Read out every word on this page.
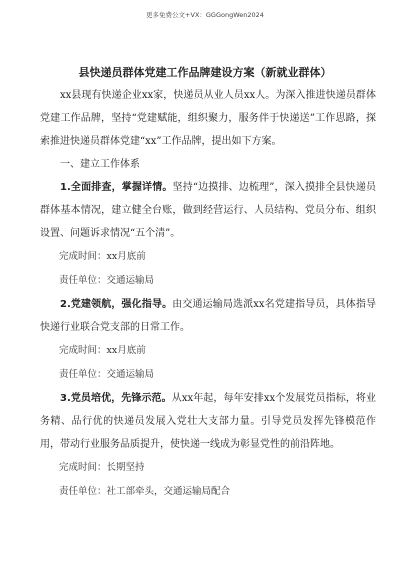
更多免费公文+VX：GGGongWen2024
县快递员群体党建工作品牌建设方案（新就业群体）

xx县现有快递企业xx家，快递员从业人员xx人。为深入推进快递员群体党建工作品牌，坚持“党建赋能，组织聚力，服务伴于快递送”工作思路，探索推进快递员群体党建“xx”工作品牌，提出如下方案。

一、建立工作体系

1.全面排查，掌握详情。坚持“边摸排、边梳理”，深入摸排全县快递员群体基本情况，建立健全台账，做到经营运行、人员结构、党员分布、组织设置、问题诉求情况“五个清”。

完成时间：xx月底前

责任单位：交通运输局

2.党建领航，强化指导。由交通运输局选派xx名党建指导员，具体指导快递行业联合党支部的日常工作。

完成时间：xx月底前

责任单位：交通运输局

3.党员培优，先锋示范。从xx年起，每年安排xx个发展党员指标，将业务精、品行优的快递员发展入党壮大支部力量。引导党员发挥先锋模范作用，带动行业服务品质提升，使快递一线成为彰显党性的前沿阵地。

完成时间：长期坚持

责任单位：社工部牵头，交通运输局配合
